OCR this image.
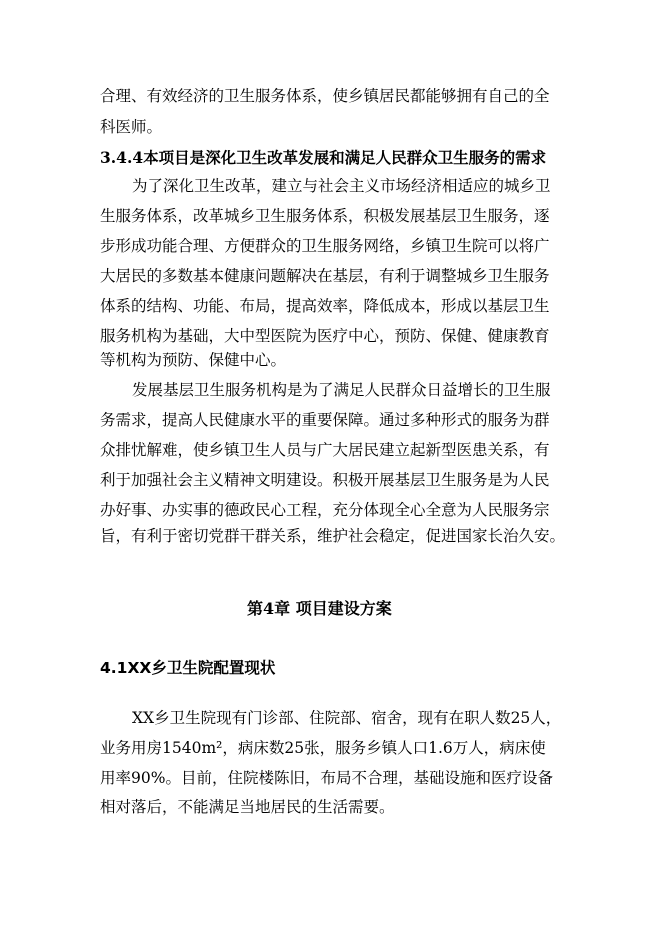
合理、有效经济的卫生服务体系，使乡镇居民都能够拥有自己的全
科医师。
3.4.4本项目是深化卫生改革发展和满足人民群众卫生服务的需求
为了深化卫生改革，建立与社会主义市场经济相适应的城乡卫
生服务体系，改革城乡卫生服务体系，积极发展基层卫生服务，逐
步形成功能合理、方便群众的卫生服务网络，乡镇卫生院可以将广
大居民的多数基本健康问题解决在基层，有利于调整城乡卫生服务
体系的结构、功能、布局，提高效率，降低成本，形成以基层卫生
服务机构为基础，大中型医院为医疗中心，预防、保健、健康教育
等机构为预防、保健中心。
发展基层卫生服务机构是为了满足人民群众日益增长的卫生服
务需求，提高人民健康水平的重要保障。通过多种形式的服务为群
众排忧解难，使乡镇卫生人员与广大居民建立起新型医患关系，有
利于加强社会主义精神文明建设。积极开展基层卫生服务是为人民
办好事、办实事的德政民心工程，充分体现全心全意为人民服务宗
旨，有利于密切党群干群关系，维护社会稳定，促进国家长治久安。
第4章 项目建设方案
4.1XX乡卫生院配置现状
XX乡卫生院现有门诊部、住院部、宿舍，现有在职人数25人，
业务用房1540m²，病床数25张，服务乡镇人口1.6万人，病床使
用率90%。目前，住院楼陈旧，布局不合理，基础设施和医疗设备
相对落后，不能满足当地居民的生活需要。
